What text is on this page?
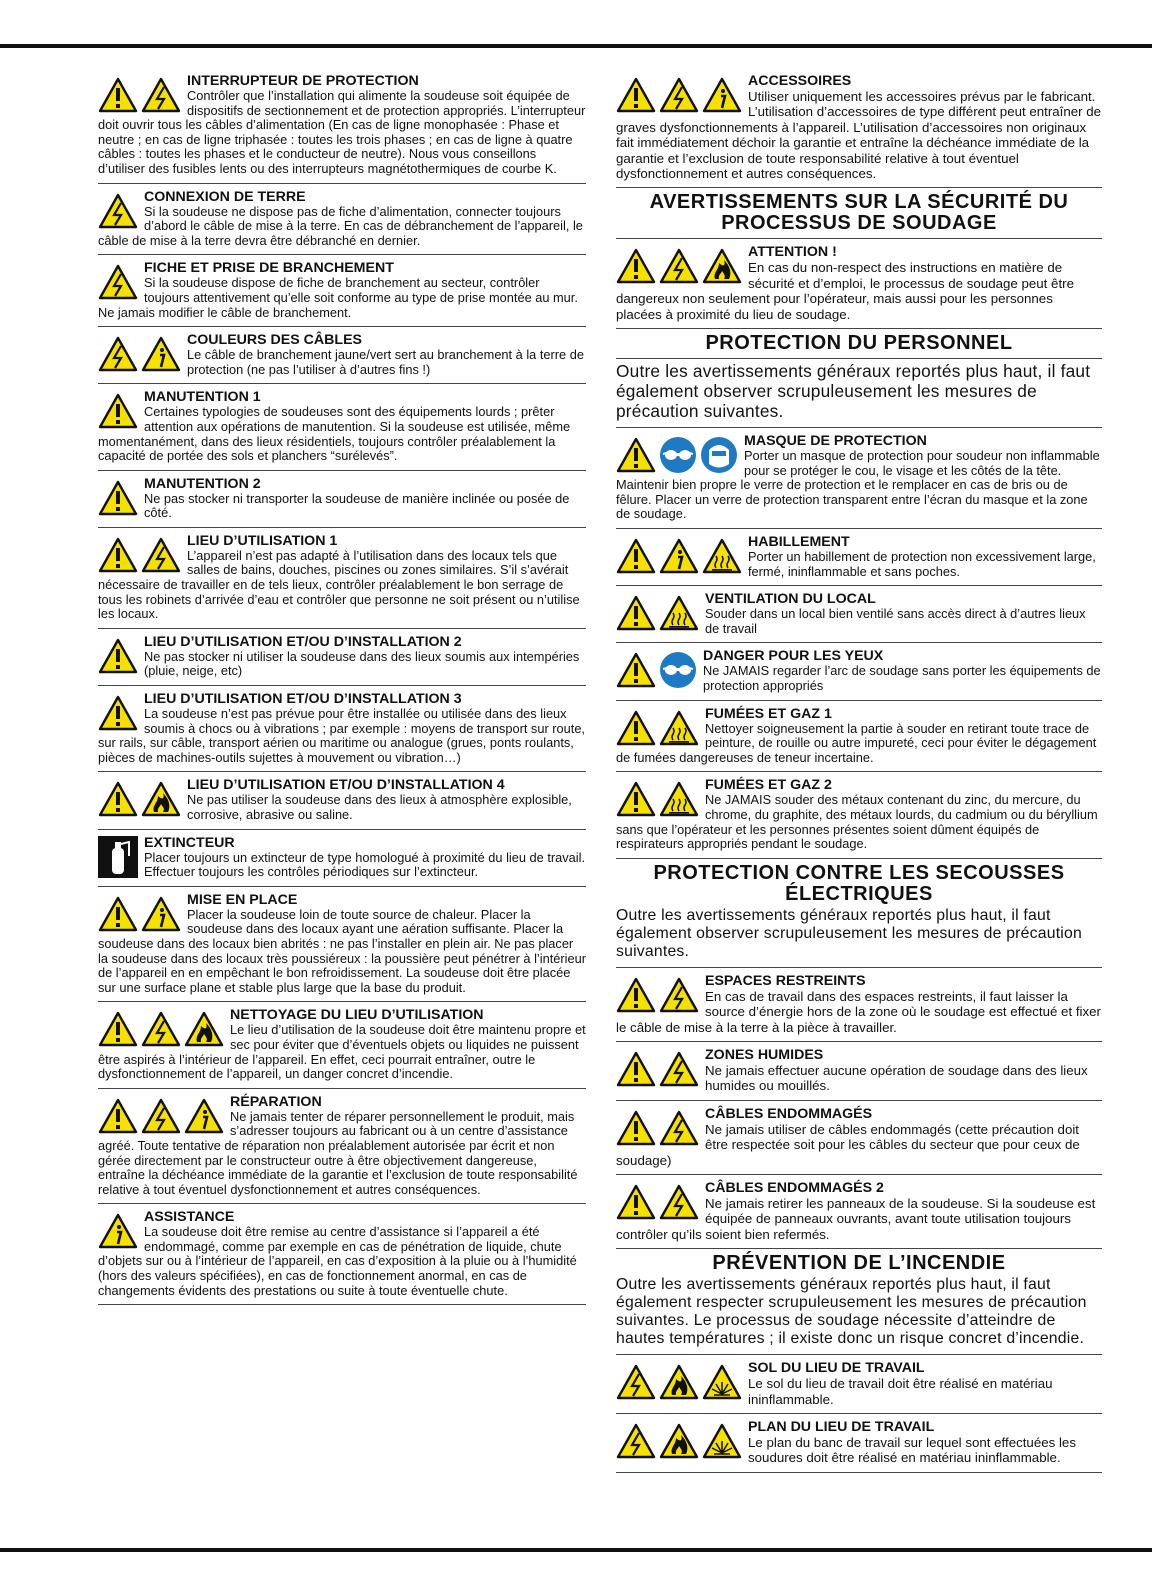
INTERRUPTEUR DE PROTECTION
Contrôler que l’installation qui alimente la soudeuse soit équipée de dispositifs de sectionnement et de protection appropriés. L’interrupteur doit ouvrir tous les câbles d’alimentation (En cas de ligne monophasée : Phase et neutre ; en cas de ligne triphasée : toutes les trois phases ; en cas de ligne à quatre câbles : toutes les phases et le conducteur de neutre). Nous vous conseillons d’utiliser des fusibles lents ou des interrupteurs magnétothermiques de courbe K.
CONNEXION DE TERRE
Si la soudeuse ne dispose pas de fiche d’alimentation, connecter toujours d’abord le câble de mise à la terre. En cas de débranchement de l’appareil, le câble de mise à la terre devra être débranché en dernier.
FICHE ET PRISE DE BRANCHEMENT
Si la soudeuse dispose de fiche de branchement au secteur, contrôler toujours attentivement qu’elle soit conforme au type de prise montée au mur. Ne jamais modifier le câble de branchement.
COULEURS DES CÂBLES
Le câble de branchement jaune/vert sert au branchement à la terre de protection (ne pas l’utiliser à d’autres fins !)
MANUTENTION 1
Certaines typologies de soudeuses sont des équipements lourds ; prêter attention aux opérations de manutention. Si la soudeuse est utilisée, même momentanément, dans des lieux résidentiels, toujours contrôler préalablement la capacité de portée des sols et planchers “surélevés”.
MANUTENTION 2
Ne pas stocker ni transporter la soudeuse de manière inclinée ou posée de côté.
LIEU D’UTILISATION 1
L’appareil n’est pas adapté à l’utilisation dans des locaux tels que salles de bains, douches, piscines ou zones similaires. S’il s’avérait nécessaire de travailler en de tels lieux, contrôler préalablement le bon serrage de tous les robinets d’arrivée d’eau et contrôler que personne ne soit présent ou n’utilise les locaux.
LIEU D’UTILISATION ET/OU D’INSTALLATION 2
Ne pas stocker ni utiliser la soudeuse dans des lieux soumis aux intempéries (pluie, neige, etc)
LIEU D’UTILISATION ET/OU D’INSTALLATION 3
La soudeuse n’est pas prévue pour être installée ou utilisée dans des lieux soumis à chocs ou à vibrations ; par exemple : moyens de transport sur route, sur rails, sur câble, transport aérien ou maritime ou analogue (grues, ponts roulants, pièces de machines-outils sujettes à mouvement ou vibration…)
LIEU D’UTILISATION ET/OU D’INSTALLATION 4
Ne pas utiliser la soudeuse dans des lieux à atmosphère explosible, corrosive, abrasive ou saline.
EXTINCTEUR
Placer toujours un extincteur de type homologué à proximité du lieu de travail. Effectuer toujours les contrôles périodiques sur l’extincteur.
MISE EN PLACE
Placer la soudeuse loin de toute source de chaleur. Placer la soudeuse dans des locaux ayant une aération suffisante. Placer la soudeuse dans des locaux bien abrités : ne pas l’installer en plein air. Ne pas placer la soudeuse dans des locaux très poussiéreux : la poussière peut pénétrer à l’intérieur de l’appareil en en empêchant le bon refroidissement. La soudeuse doit être placée sur une surface plane et stable plus large que la base du produit.
NETTOYAGE DU LIEU D’UTILISATION
Le lieu d’utilisation de la soudeuse doit être maintenu propre et sec pour éviter que d’éventuels objets ou liquides ne puissent être aspirés à l’intérieur de l’appareil. En effet, ceci pourrait entraîner, outre le dysfonctionnement de l’appareil, un danger concret d’incendie.
RÉPARATION
Ne jamais tenter de réparer personnellement le produit, mais s’adresser toujours au fabricant ou à un centre d’assistance agréé. Toute tentative de réparation non préalablement autorisée par écrit et non gérée directement par le constructeur outre à être objectivement dangereuse, entraîne la déchéance immédiate de la garantie et l’exclusion de toute responsabilité relative à tout éventuel dysfonctionnement et autres conséquences.
ASSISTANCE
La soudeuse doit être remise au centre d’assistance si l’appareil a été endommagé, comme par exemple en cas de pénétration de liquide, chute d’objets sur ou à l’intérieur de l’appareil, en cas d’exposition à la pluie ou à l’humidité (hors des valeurs spécifiées), en cas de fonctionnement anormal, en cas de changements évidents des prestations ou suite à toute éventuelle chute.
ACCESSOIRES
Utiliser uniquement les accessoires prévus par le fabricant. L’utilisation d’accessoires de type différent peut entraîner de graves dysfonctionnements à l’appareil. L’utilisation d’accessoires non originaux fait immédiatement déchoir la garantie et entraîne la déchéance immédiate de la garantie et l’exclusion de toute responsabilité relative à tout éventuel dysfonctionnement et autres conséquences.
AVERTISSEMENTS SUR LA SÉCURITÉ DU PROCESSUS DE SOUDAGE
ATTENTION !
En cas du non-respect des instructions en matière de sécurité et d’emploi, le processus de soudage peut être dangereux non seulement pour l’opérateur, mais aussi pour les personnes placées à proximité du lieu de soudage.
PROTECTION DU PERSONNEL
Outre les avertissements généraux reportés plus haut, il faut également observer scrupuleusement les mesures de précaution suivantes.
MASQUE DE PROTECTION
Porter un masque de protection pour soudeur non inflammable pour se protéger le cou, le visage et les côtés de la tête. Maintenir bien propre le verre de protection et le remplacer en cas de bris ou de fêlure. Placer un verre de protection transparent entre l’écran du masque et la zone de soudage.
HABILLEMENT
Porter un habillement de protection non excessivement large, fermé, ininflammable et sans poches.
VENTILATION DU LOCAL
Souder dans un local bien ventilé sans accès direct à d’autres lieux de travail
DANGER POUR LES YEUX
Ne JAMAIS regarder l’arc de soudage sans porter les équipements de protection appropriés
FUMÉES ET GAZ 1
Nettoyer soigneusement la partie à souder en retirant toute trace de peinture, de rouille ou autre impureté, ceci pour éviter le dégagement de fumées dangereuses de teneur incertaine.
FUMÉES ET GAZ 2
Ne JAMAIS souder des métaux contenant du zinc, du mercure, du chrome, du graphite, des métaux lourds, du cadmium ou du béryllium sans que l’opérateur et les personnes présentes soient dûment équipés de respirateurs appropriés pendant le soudage.
PROTECTION CONTRE LES SECOUSSES ÉLECTRIQUES
Outre les avertissements généraux reportés plus haut, il faut également observer scrupuleusement les mesures de précaution suivantes.
ESPACES RESTREINTS
En cas de travail dans des espaces restreints, il faut laisser la source d’énergie hors de la zone où le soudage est effectué et fixer le câble de mise à la terre à la pièce à travailler.
ZONES HUMIDES
Ne jamais effectuer aucune opération de soudage dans des lieux humides ou mouillés.
CÂBLES ENDOMMAGÉS
Ne jamais utiliser de câbles endommagés (cette précaution doit être respectée soit pour les câbles du secteur que pour ceux de soudage)
CÂBLES ENDOMMAGÉS 2
Ne jamais retirer les panneaux de la soudeuse. Si la soudeuse est équipée de panneaux ouvrants, avant toute utilisation toujours contrôler qu’ils soient bien refermés.
PRÉVENTION DE L’INCENDIE
Outre les avertissements généraux reportés plus haut, il faut également respecter scrupuleusement les mesures de précaution suivantes. Le processus de soudage nécessite d’atteindre de hautes températures ; il existe donc un risque concret d’incendie.
SOL DU LIEU DE TRAVAIL
Le sol du lieu de travail doit être réalisé en matériau ininflammable.
PLAN DU LIEU DE TRAVAIL
Le plan du banc de travail sur lequel sont effectuées les soudures doit être réalisé en matériau ininflammable.
